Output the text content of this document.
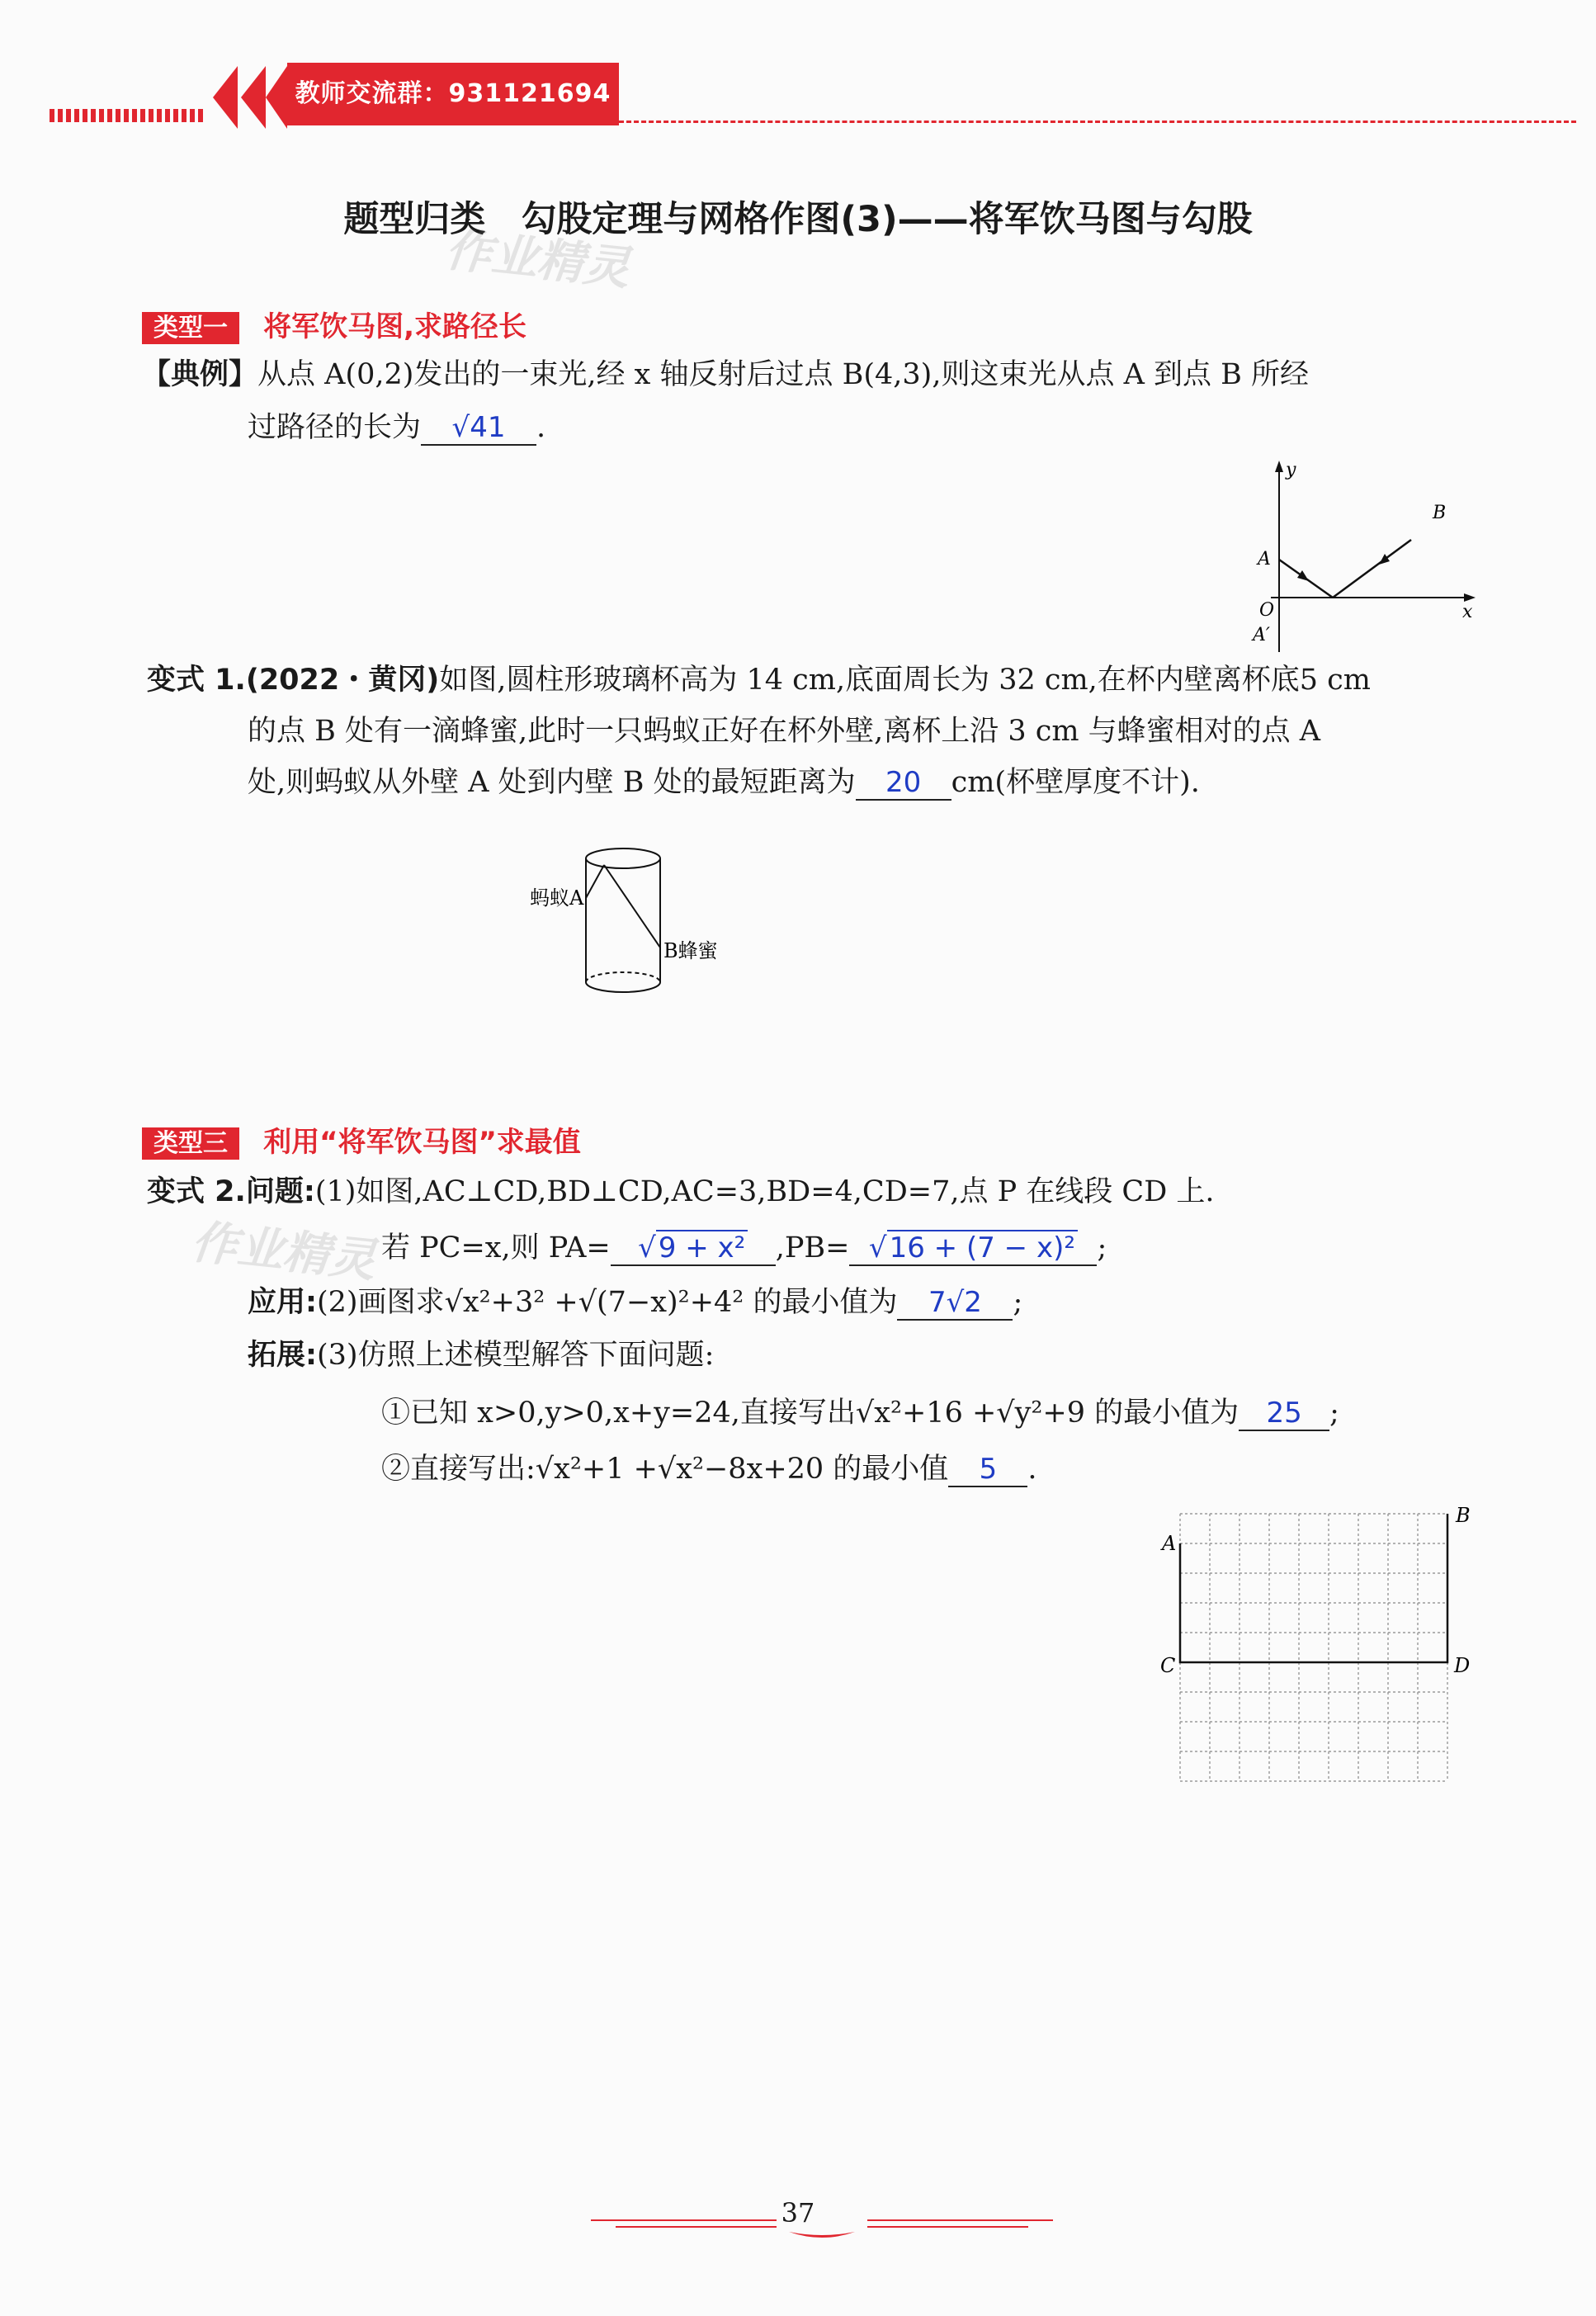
教师交流群：931121694
题型归类　勾股定理与网格作图(3)——将军饮马图与勾股
作业精灵
类型一 将军饮马图,求路径长
【典例】从点 A(0,2)发出的一束光,经 x 轴反射后过点 B(4,3),则这束光从点 A 到点 B 所经
过路径的长为 √41 .
y
x
O
A
A′
B
变式 1.(2022・黄冈)如图,圆柱形玻璃杯高为 14 cm,底面周长为 32 cm,在杯内壁离杯底5 cm
的点 B 处有一滴蜂蜜,此时一只蚂蚁正好在杯外壁,离杯上沿 3 cm 与蜂蜜相对的点 A
处,则蚂蚁从外壁 A 处到内壁 B 处的最短距离为 20 cm(杯壁厚度不计).
蚂蚁A
B蜂蜜
类型三 利用“将军饮马图”求最值
变式 2.问题:(1)如图,AC⊥CD,BD⊥CD,AC=3,BD=4,CD=7,点 P 在线段 CD 上.
作业精灵 若 PC=x,则 PA= √9 + x² ,PB= √16 + (7 − x)² ;
应用:(2)画图求√x²+3² +√(7−x)²+4² 的最小值为 7√2 ;
拓展:(3)仿照上述模型解答下面问题:
①已知 x>0,y>0,x+y=24,直接写出√x²+16 +√y²+9 的最小值为 25 ;
②直接写出:√x²+1 +√x²−8x+20 的最小值 5 .
A
B
C	D
37
